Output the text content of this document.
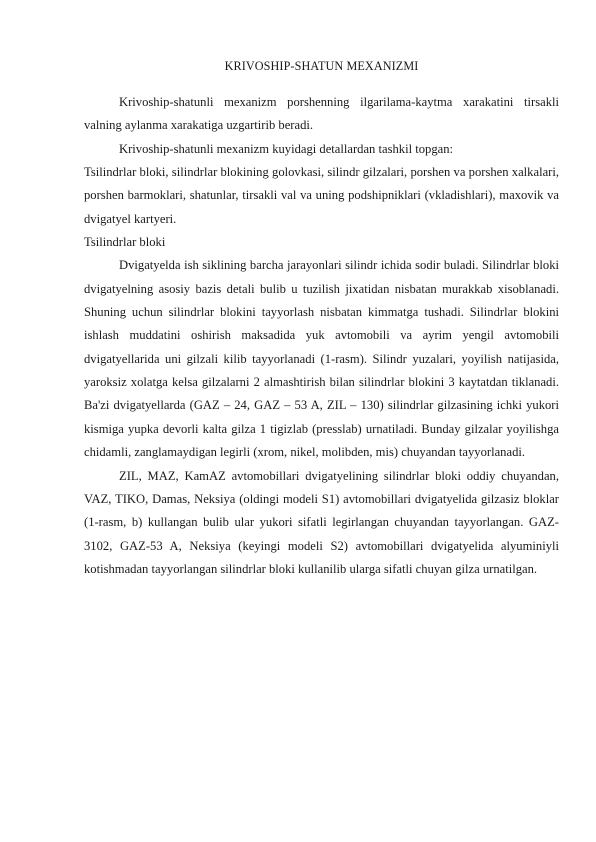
KRIVOSHIP-SHATUN MEXANIZMI

Krivoship-shatunli mexanizm porshenning ilgarilama-kaytma xarakatini tirsakli valning aylanma xarakatiga uzgartirib beradi.

Krivoship-shatunli mexanizm kuyidagi detallardan tashkil topgan:

Tsilindrlar bloki, silindrlar blokining golovkasi, silindr gilzalari, porshen va porshen xalkalari, porshen barmoklari, shatunlar, tirsakli val va uning podshipniklari (vkladishlari), maxovik va dvigatyel kartyeri.

Tsilindrlar bloki

Dvigatyelda ish siklining barcha jarayonlari silindr ichida sodir buladi. Silindrlar bloki dvigatyelning asosiy bazis detali bulib u tuzilish jixatidan nisbatan murakkab xisoblanadi. Shuning uchun silindrlar blokini tayyorlash nisbatan kimmatga tushadi. Silindrlar blokini ishlash muddatini oshirish maksadida yuk avtomobili va ayrim yengil avtomobili dvigatyellarida uni gilzali kilib tayyorlanadi (1-rasm). Silindr yuzalari, yoyilish natijasida, yaroksiz xolatga kelsa gilzalarni 2 almashtirish bilan silindrlar blokini 3 kaytatdan tiklanadi. Ba'zi dvigatyellarda (GAZ – 24, GAZ – 53 A, ZIL – 130) silindrlar gilzasining ichki yukori kismiga yupka devorli kalta gilza 1 tigizlab (presslab) urnatiladi. Bunday gilzalar yoyilishga chidamli, zanglamaydigan legirli (xrom, nikel, molibden, mis) chuyandan tayyorlanadi.

ZIL, MAZ, KamAZ avtomobillari dvigatyelining silindrlar bloki oddiy chuyandan, VAZ, TIKO, Damas, Neksiya (oldingi modeli S1) avtomobillari dvigatyelida gilzasiz bloklar (1-rasm, b) kullangan bulib ular yukori sifatli legirlangan chuyandan tayyorlangan. GAZ-3102, GAZ-53 A, Neksiya (keyingi modeli S2) avtomobillari dvigatyelida alyuminiyli kotishmadan tayyorlangan silindrlar bloki kullanilib ularga sifatli chuyan gilza urnatilgan.
